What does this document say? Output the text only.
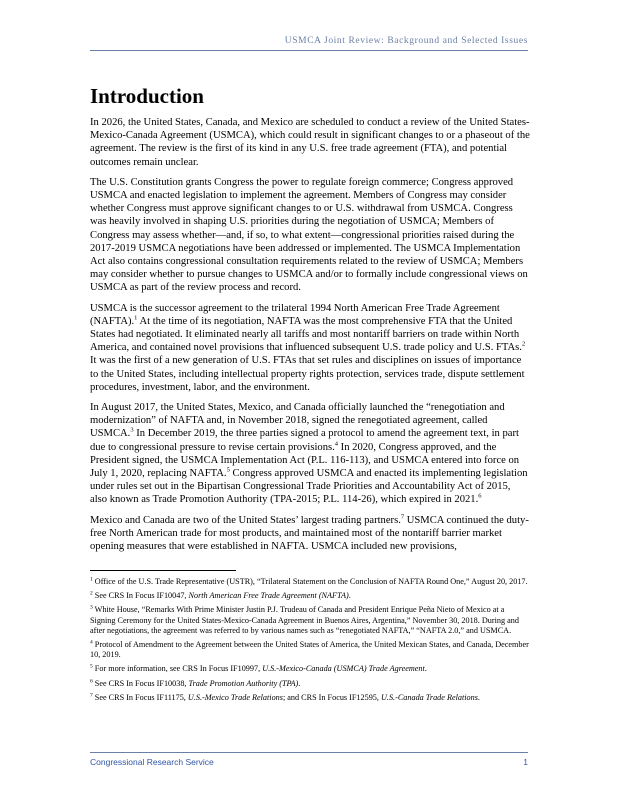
USMCA Joint Review: Background and Selected Issues
Introduction

In 2026, the United States, Canada, and Mexico are scheduled to conduct a review of the United States-Mexico-Canada Agreement (USMCA), which could result in significant changes to or a phaseout of the agreement. The review is the first of its kind in any U.S. free trade agreement (FTA), and potential outcomes remain unclear.

The U.S. Constitution grants Congress the power to regulate foreign commerce; Congress approved USMCA and enacted legislation to implement the agreement. Members of Congress may consider whether Congress must approve significant changes to or U.S. withdrawal from USMCA. Congress was heavily involved in shaping U.S. priorities during the negotiation of USMCA; Members of Congress may assess whether—and, if so, to what extent—congressional priorities raised during the 2017-2019 USMCA negotiations have been addressed or implemented. The USMCA Implementation Act also contains congressional consultation requirements related to the review of USMCA; Members may consider whether to pursue changes to USMCA and/or to formally include congressional views on USMCA as part of the review process and record.

USMCA is the successor agreement to the trilateral 1994 North American Free Trade Agreement (NAFTA).$^1$ At the time of its negotiation, NAFTA was the most comprehensive FTA that the United States had negotiated. It eliminated nearly all tariffs and most nontariff barriers on trade within North America, and contained novel provisions that influenced subsequent U.S. trade policy and U.S. FTAs.$^2$ It was the first of a new generation of U.S. FTAs that set rules and disciplines on issues of importance to the United States, including intellectual property rights protection, services trade, dispute settlement procedures, investment, labor, and the environment.

In August 2017, the United States, Mexico, and Canada officially launched the “renegotiation and modernization” of NAFTA and, in November 2018, signed the renegotiated agreement, called USMCA.$^3$ In December 2019, the three parties signed a protocol to amend the agreement text, in part due to congressional pressure to revise certain provisions.$^4$ In 2020, Congress approved, and the President signed, the USMCA Implementation Act (P.L. 116-113), and USMCA entered into force on July 1, 2020, replacing NAFTA.$^5$ Congress approved USMCA and enacted its implementing legislation under rules set out in the Bipartisan Congressional Trade Priorities and Accountability Act of 2015, also known as Trade Promotion Authority (TPA-2015; P.L. 114-26), which expired in 2021.$^6$

Mexico and Canada are two of the United States’ largest trading partners.$^7$ USMCA continued the duty-free North American trade for most products, and maintained most of the nontariff barrier market opening measures that were established in NAFTA. USMCA included new provisions,

$^1$ Office of the U.S. Trade Representative (USTR), “Trilateral Statement on the Conclusion of NAFTA Round One,” August 20, 2017.

$^2$ See CRS In Focus IF10047, North American Free Trade Agreement (NAFTA).

$^3$ White House, “Remarks With Prime Minister Justin P.J. Trudeau of Canada and President Enrique Peña Nieto of Mexico at a Signing Ceremony for the United States-Mexico-Canada Agreement in Buenos Aires, Argentina,” November 30, 2018. During and after negotiations, the agreement was referred to by various names such as “renegotiated NAFTA,” “NAFTA 2.0,” and USMCA.

$^4$ Protocol of Amendment to the Agreement between the United States of America, the United Mexican States, and Canada, December 10, 2019.

$^5$ For more information, see CRS In Focus IF10997, U.S.-Mexico-Canada (USMCA) Trade Agreement.

$^6$ See CRS In Focus IF10038, Trade Promotion Authority (TPA).

$^7$ See CRS In Focus IF11175, U.S.-Mexico Trade Relations; and CRS In Focus IF12595, U.S.-Canada Trade Relations.

Congressional Research Service	1
